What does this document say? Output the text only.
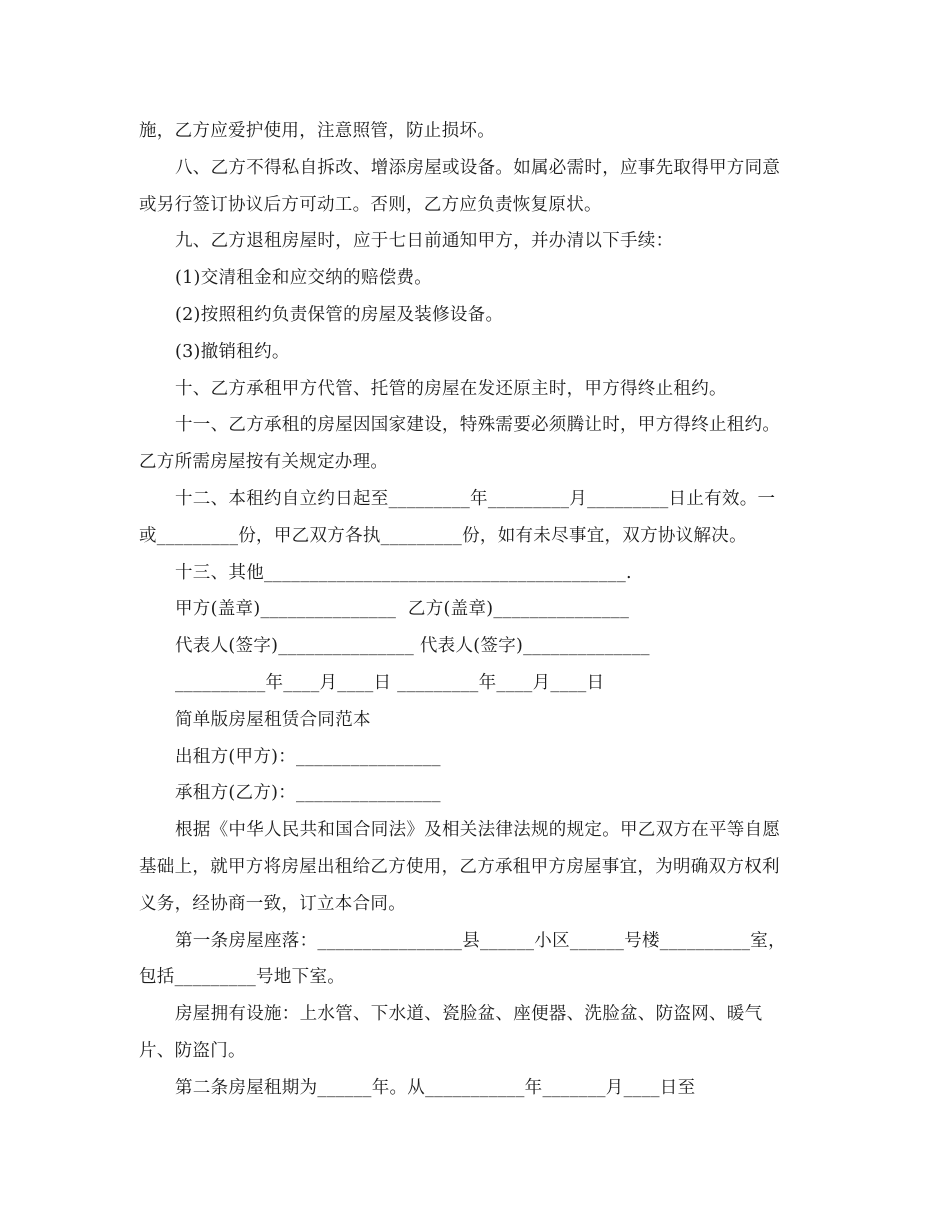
施，乙方应爱护使用，注意照管，防止损坏。
八、乙方不得私自拆改、增添房屋或设备。如属必需时，应事先取得甲方同意
或另行签订协议后方可动工。否则，乙方应负责恢复原状。
九、乙方退租房屋时，应于七日前通知甲方，并办清以下手续：
(1)交清租金和应交纳的赔偿费。
(2)按照租约负责保管的房屋及装修设备。
(3)撤销租约。
十、乙方承租甲方代管、托管的房屋在发还原主时，甲方得终止租约。
十一、乙方承租的房屋因国家建设，特殊需要必须腾让时，甲方得终止租约。
乙方所需房屋按有关规定办理。
十二、本租约自立约日起至_________年_________月_________日止有效。一
或_________份，甲乙双方各执_________份，如有未尽事宜，双方协议解决。
十三、其他________________________________________.
甲方(盖章)_______________  乙方(盖章)_______________
代表人(签字)_______________ 代表人(签字)______________
__________年____月____日 _________年____月____日
简单版房屋租赁合同范本
出租方(甲方)：________________
承租方(乙方)：________________
根据《中华人民共和国合同法》及相关法律法规的规定。甲乙双方在平等自愿
基础上，就甲方将房屋出租给乙方使用，乙方承租甲方房屋事宜，为明确双方权利
义务，经协商一致，订立本合同。
第一条房屋座落：________________县______小区______号楼__________室，
包括_________号地下室。
房屋拥有设施：上水管、下水道、瓷脸盆、座便器、洗脸盆、防盗网、暖气
片、防盗门。
第二条房屋租期为______年。从___________年_______月____日至
